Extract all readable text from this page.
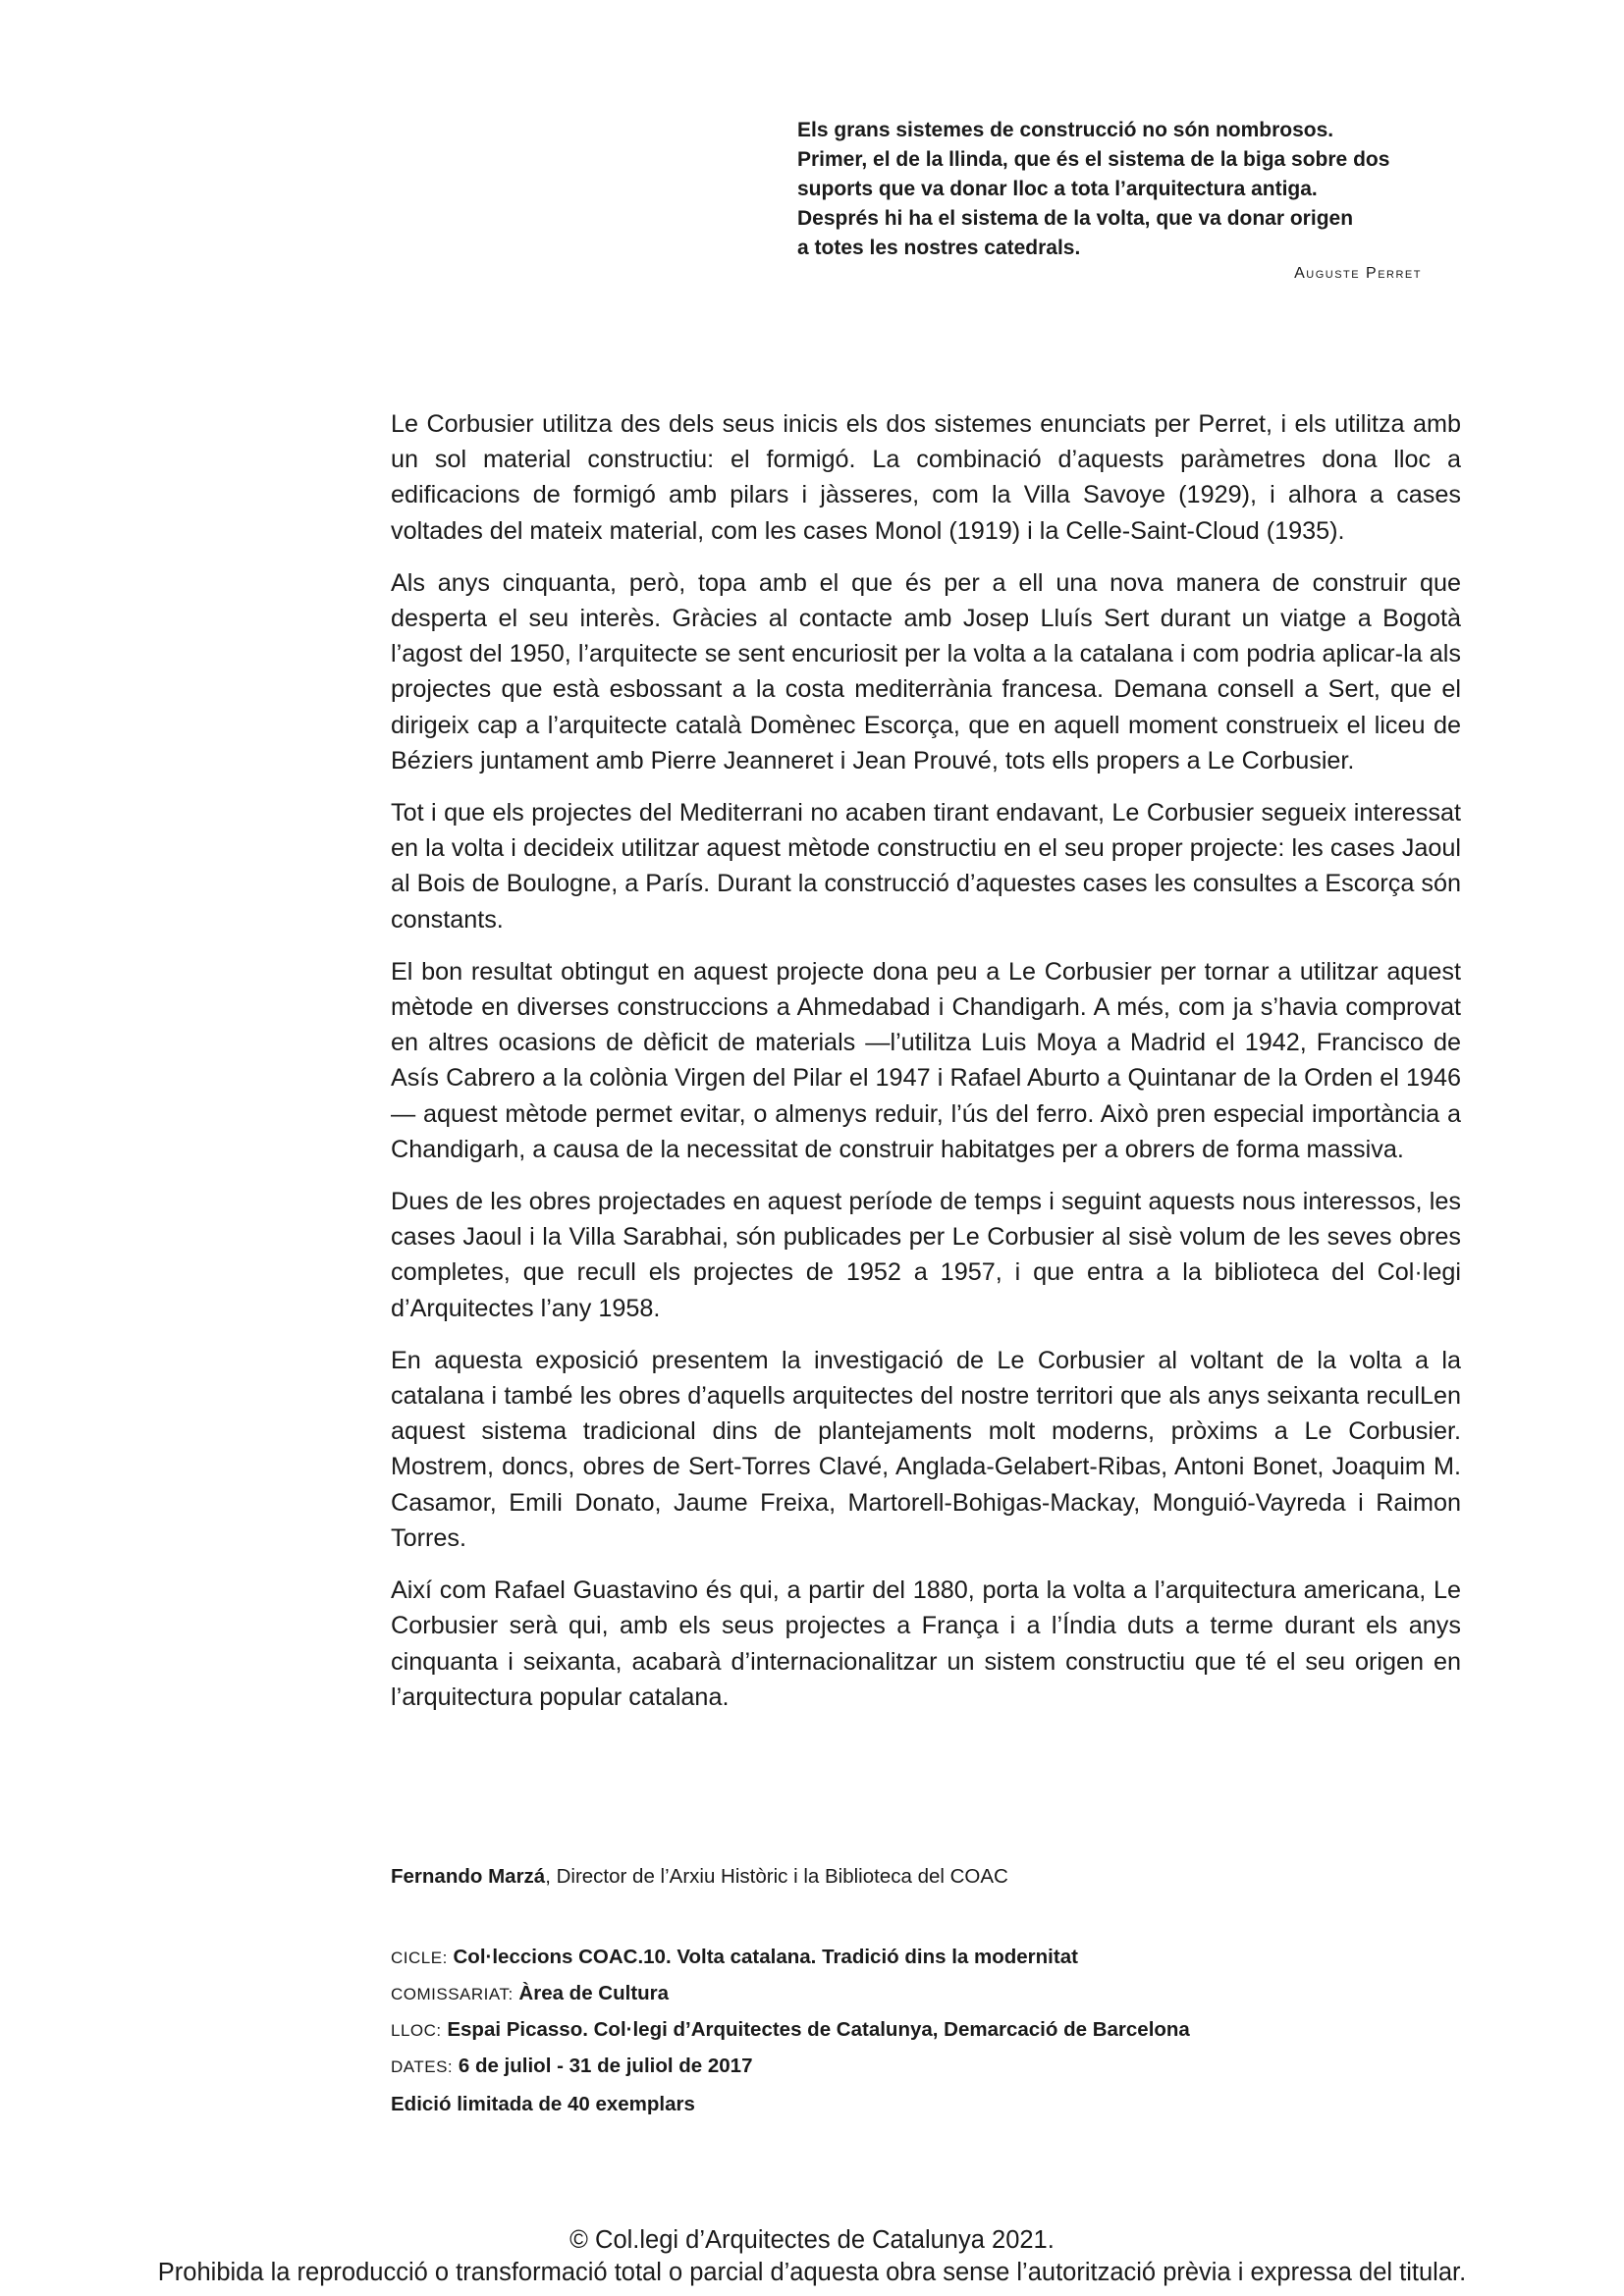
Els grans sistemes de construcció no són nombrosos.
Primer, el de la llinda, que és el sistema de la biga sobre dos
suports que va donar lloc a tota l’arquitectura antiga.
Després hi ha el sistema de la volta, que va donar origen
a totes les nostres catedrals.

Auguste Perret

Le Corbusier utilitza des dels seus inicis els dos sistemes enunciats per Perret, i els utilitza amb un sol material constructiu: el formigó. La combinació d’aquests paràmetres dona lloc a edificacions de formigó amb pilars i jàsseres, com la Villa Savoye (1929), i alhora a cases voltades del mateix material, com les cases Monol (1919) i la Celle-Saint-Cloud (1935).

Als anys cinquanta, però, topa amb el que és per a ell una nova manera de construir que desperta el seu interès. Gràcies al contacte amb Josep Lluís Sert durant un viatge a Bogotà l’agost del 1950, l’arquitecte se sent encuriosit per la volta a la catalana i com podria aplicar-la als projectes que està esbossant a la costa mediterrània francesa. Demana consell a Sert, que el dirigeix cap a l’arquitecte català Domènec Escorça, que en aquell moment construeix el liceu de Béziers juntament amb Pierre Jeanneret i Jean Prouvé, tots ells propers a Le Corbusier.

Tot i que els projectes del Mediterrani no acaben tirant endavant, Le Corbusier segueix interessat en la volta i decideix utilitzar aquest mètode constructiu en el seu proper projecte: les cases Jaoul al Bois de Boulogne, a París. Durant la construcció d’aquestes cases les consultes a Escorça són constants.

El bon resultat obtingut en aquest projecte dona peu a Le Corbusier per tornar a utilitzar aquest mètode en diverses construccions a Ahmedabad i Chandigarh. A més, com ja s’havia comprovat en altres ocasions de dèficit de materials —l’utilitza Luis Moya a Madrid el 1942, Francisco de Asís Cabrero a la colònia Virgen del Pilar el 1947 i Rafael Aburto a Quintanar de la Orden el 1946— aquest mètode permet evitar, o almenys reduir, l’ús del ferro. Això pren especial importància a Chandigarh, a causa de la necessitat de construir habitatges per a obrers de forma massiva.

Dues de les obres projectades en aquest període de temps i seguint aquests nous interessos, les cases Jaoul i la Villa Sarabhai, són publicades per Le Corbusier al sisè volum de les seves obres completes, que recull els projectes de 1952 a 1957, i que entra a la biblioteca del Col·legi d’Arquitectes l’any 1958.

En aquesta exposició presentem la investigació de Le Corbusier al voltant de la volta a la catalana i també les obres d’aquells arquitectes del nostre territori que als anys seixanta reculLen aquest sistema tradicional dins de plantejaments molt moderns, pròxims a Le Corbusier. Mostrem, doncs, obres de Sert-Torres Clavé, Anglada-Gelabert-Ribas, Antoni Bonet, Joaquim M. Casamor, Emili Donato, Jaume Freixa, Martorell-Bohigas-Mackay, Monguió-Vayreda i Raimon Torres.

Així com Rafael Guastavino és qui, a partir del 1880, porta la volta a l’arquitectura americana, Le Corbusier serà qui, amb els seus projectes a França i a l’Índia duts a terme durant els anys cinquanta i seixanta, acabarà d’internacionalitzar un sistem constructiu que té el seu origen en l’arquitectura popular catalana.

Fernando Marzá, Director de l’Arxiu Històric i la Biblioteca del COAC
CICLE: Col·leccions COAC.10. Volta catalana. Tradició dins la modernitat
COMISSARIAT: Àrea de Cultura
LLOC: Espai Picasso. Col·legi d’Arquitectes de Catalunya, Demarcació de Barcelona
DATES: 6 de juliol - 31 de juliol de 2017
Edició limitada de 40 exemplars
© Col.legi d’Arquitectes de Catalunya 2021.
Prohibida la reproducció o transformació total o parcial d’aquesta obra sense l’autorització prèvia i expressa del titular.
